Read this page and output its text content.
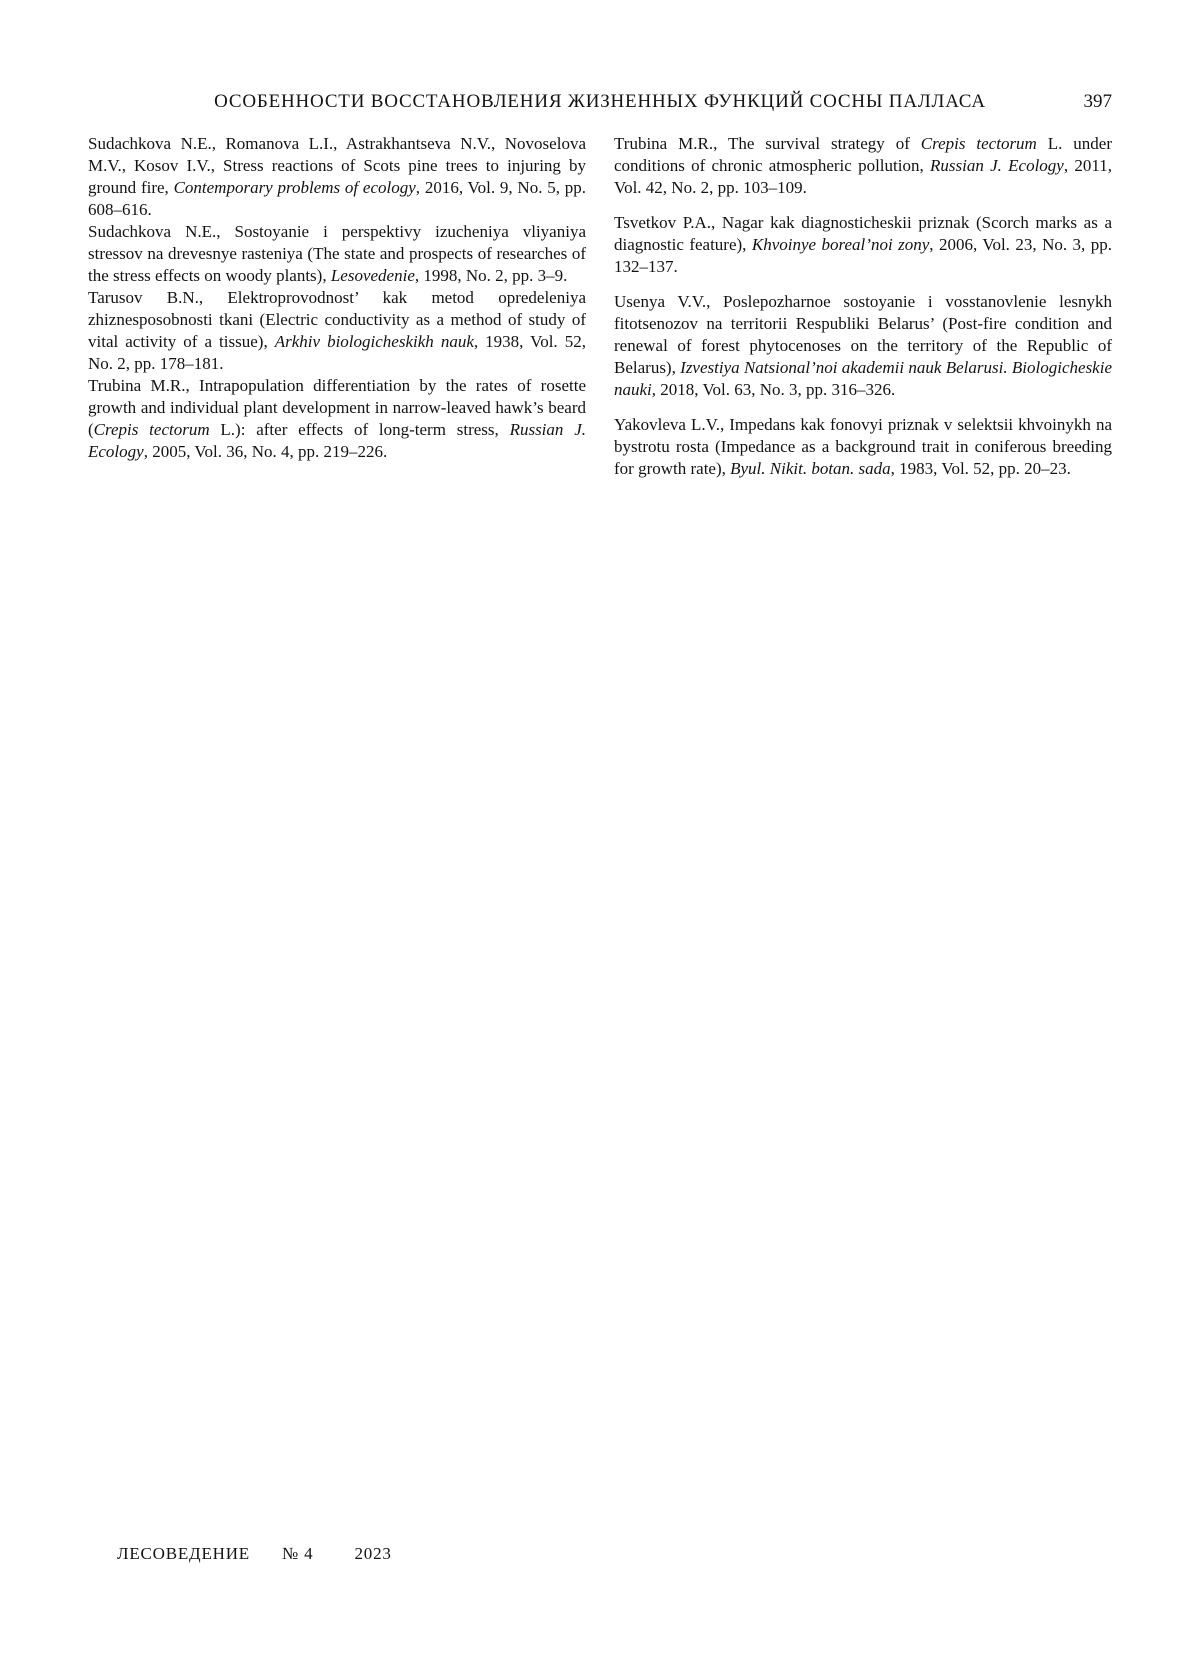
ОСОБЕННОСТИ ВОССТАНОВЛЕНИЯ ЖИЗНЕННЫХ ФУНКЦИЙ СОСНЫ ПАЛЛАСА	397

Sudachkova N.E., Romanova L.I., Astrakhantseva N.V., Novoselova M.V., Kosov I.V., Stress reactions of Scots pine trees to injuring by ground fire, Contemporary problems of ecology, 2016, Vol. 9, No. 5, pp. 608–616.

Sudachkova N.E., Sostoyanie i perspektivy izucheniya vliyaniya stressov na drevesnye rasteniya (The state and prospects of researches of the stress effects on woody plants), Lesovedenie, 1998, No. 2, pp. 3–9.

Tarusov B.N., Elektroprovodnost’ kak metod opredeleniya zhiznesposobnosti tkani (Electric conductivity as a method of study of vital activity of a tissue), Arkhiv biologicheskikh nauk, 1938, Vol. 52, No. 2, pp. 178–181.

Trubina M.R., Intrapopulation differentiation by the rates of rosette growth and individual plant development in narrow-leaved hawk’s beard (Crepis tectorum L.): after effects of long-term stress, Russian J. Ecology, 2005, Vol. 36, No. 4, pp. 219–226.

Trubina M.R., The survival strategy of Crepis tectorum L. under conditions of chronic atmospheric pollution, Russian J. Ecology, 2011, Vol. 42, No. 2, pp. 103–109.

Tsvetkov P.A., Nagar kak diagnosticheskii priznak (Scorch marks as a diagnostic feature), Khvoinye boreal’noi zony, 2006, Vol. 23, No. 3, pp. 132–137.

Usenya V.V., Poslepozharnoe sostoyanie i vosstanovlenie lesnykh fitotsenozov na territorii Respubliki Belarus’ (Post-fire condition and renewal of forest phytocenoses on the territory of the Republic of Belarus), Izvestiya Natsional’noi akademii nauk Belarusi. Biologicheskie nauki, 2018, Vol. 63, No. 3, pp. 316–326.

Yakovleva L.V., Impedans kak fonovyi priznak v selektsii khvoinykh na bystrotu rosta (Impedance as a background trait in coniferous breeding for growth rate), Byul. Nikit. botan. sada, 1983, Vol. 52, pp. 20–23.

ЛЕСОВЕДЕНИЕ № 4 2023
